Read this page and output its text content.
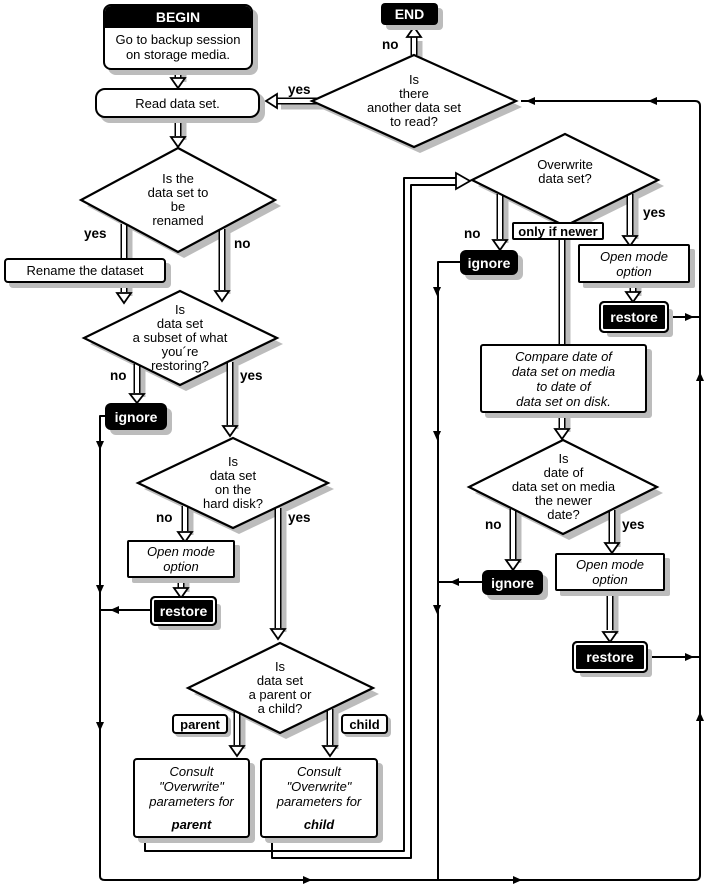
BEGIN
Go to backup session
on storage media.
END
Read data set.
Rename the dataset
Is the
data set to
be
renamed
Is
data set
a subset of what
you´re
restoring?
Is
data set
on the
hard disk?
Is
data set
a parent or
a child?
Is
there
another data set
to read?
Overwrite
data set?
Is
date of
data set on media
the newer
date?
ignore
ignore
ignore
restore
restore
restore
Open mode
option
Open mode
option
Open mode
option
Compare date of
data set on media
to date of
data set on disk.
Consult
"Overwrite"
parameters for
parent
Consult
"Overwrite"
parameters for
child
parent	child
only if newer
yes
no
no	yes
no	yes
yes
no
no
yes
no	yes
